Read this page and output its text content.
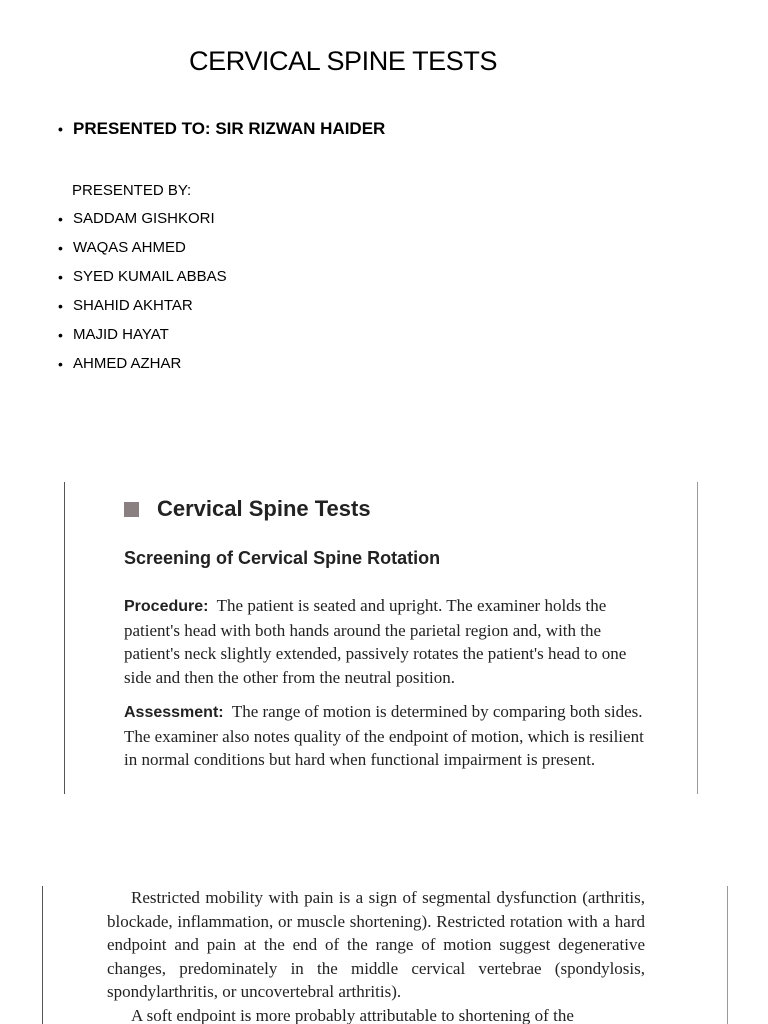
CERVICAL SPINE TESTS
• PRESENTED TO: SIR RIZWAN HAIDER
PRESENTED BY:
• SADDAM GISHKORI
• WAQAS AHMED
• SYED KUMAIL ABBAS
• SHAHID AKHTAR
• MAJID HAYAT
• AHMED AZHAR
Cervical Spine Tests
Screening of Cervical Spine Rotation

Procedure: The patient is seated and upright. The examiner holds the patient's head with both hands around the parietal region and, with the patient's neck slightly extended, passively rotates the patient's head to one side and then the other from the neutral position.

Assessment: The range of motion is determined by comparing both sides. The examiner also notes quality of the endpoint of motion, which is resilient in normal conditions but hard when functional impairment is present.

Restricted mobility with pain is a sign of segmental dysfunction (arthritis, blockade, inflammation, or muscle shortening). Restricted rotation with a hard endpoint and pain at the end of the range of motion suggest degenerative changes, predominately in the middle cervical vertebrae (spondylosis, spondylarthritis, or uncovertebral arthritis).
A soft endpoint is more probably attributable to shortening of the
